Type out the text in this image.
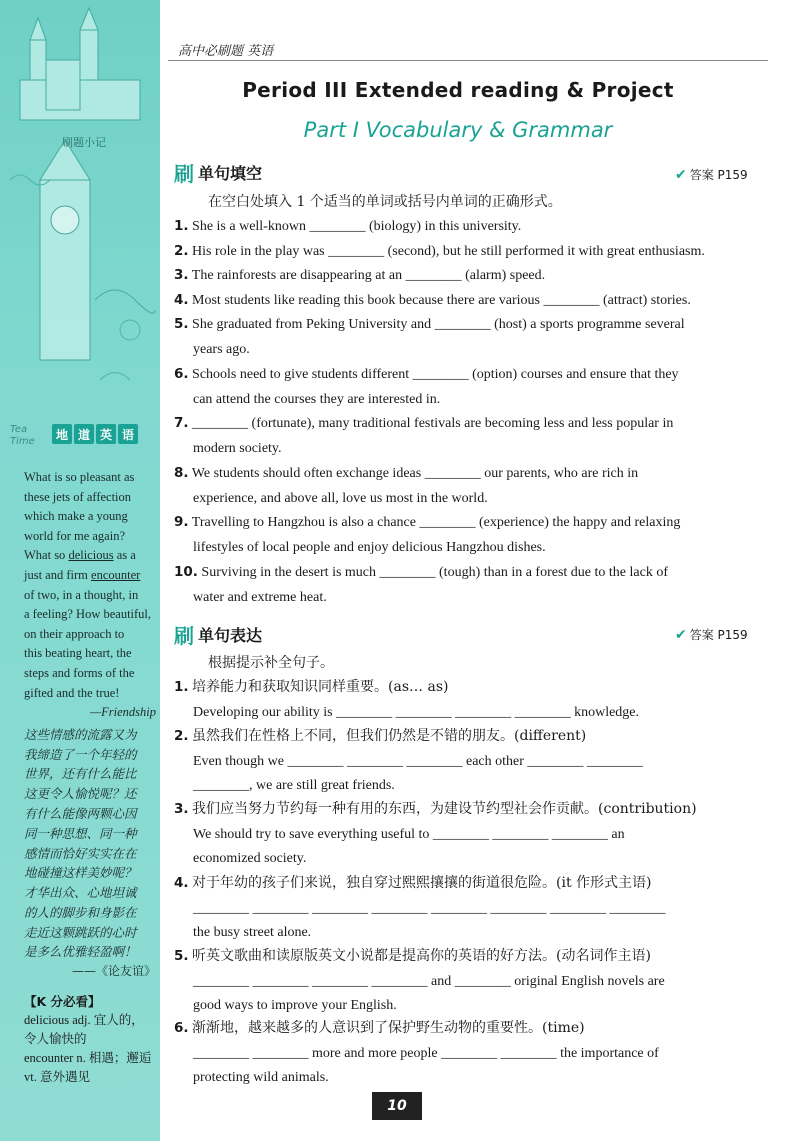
刷题小记
地 道 英 语
Tea Time

What is so pleasant as

these jets of affection

which make a young

world for me again?

What so delicious as a

just and firm encounter

of two, in a thought, in

a feeling? How beautiful,

on their approach to

this beating heart, the

steps and forms of the

gifted and the true!

—Friendship

这些情感的流露又为
我缔造了一个年轻的
世界，还有什么能比
这更令人愉悦呢？还
有什么能像两颗心因
同一种思想、同一种
感情而恰好实实在在
地碰撞这样美妙呢？
才华出众、心地坦诚
的人的脚步和身影在
走近这颗跳跃的心时
是多么优雅轻盈啊！
——《论友谊》
【K 分必看】
delicious adj. 宜人的，
令人愉快的
encounter n. 相遇；邂逅
vt. 意外遇见
高中必刷题 英语
Period III Extended reading & Project
Part I Vocabulary & Grammar
刷 单句填空	✔ 答案 P159
在空白处填入 1 个适当的单词或括号内单词的正确形式。
1. She is a well-known ________ (biology) in this university.
2. His role in the play was ________ (second), but he still performed it with great enthusiasm.
3. The rainforests are disappearing at an ________ (alarm) speed.
4. Most students like reading this book because there are various ________ (attract) stories.
5. She graduated from Peking University and ________ (host) a sports programme several
years ago.
6. Schools need to give students different ________ (option) courses and ensure that they
can attend the courses they are interested in.
7. ________ (fortunate), many traditional festivals are becoming less and less popular in
modern society.
8. We students should often exchange ideas ________ our parents, who are rich in
experience, and above all, love us most in the world.
9. Travelling to Hangzhou is also a chance ________ (experience) the happy and relaxing
lifestyles of local people and enjoy delicious Hangzhou dishes.
10. Surviving in the desert is much ________ (tough) than in a forest due to the lack of
water and extreme heat.
刷 单句表达	✔ 答案 P159
根据提示补全句子。
1. 培养能力和获取知识同样重要。(as… as)
Developing our ability is ________ ________ ________ ________ knowledge.
2. 虽然我们在性格上不同，但我们仍然是不错的朋友。(different)
Even though we ________ ________ ________ each other ________ ________
________, we are still great friends.
3. 我们应当努力节约每一种有用的东西，为建设节约型社会作贡献。(contribution)
We should try to save everything useful to ________ ________ ________ an
economized society.
4. 对于年幼的孩子们来说，独自穿过熙熙攘攘的街道很危险。(it 作形式主语)
________ ________ ________ ________ ________ ________ ________ ________
the busy street alone.
5. 听英文歌曲和读原版英文小说都是提高你的英语的好方法。(动名词作主语)
________ ________ ________ ________ and ________ original English novels are
good ways to improve your English.
6. 渐渐地，越来越多的人意识到了保护野生动物的重要性。(time)
________ ________ more and more people ________ ________ the importance of
protecting wild animals.
10
